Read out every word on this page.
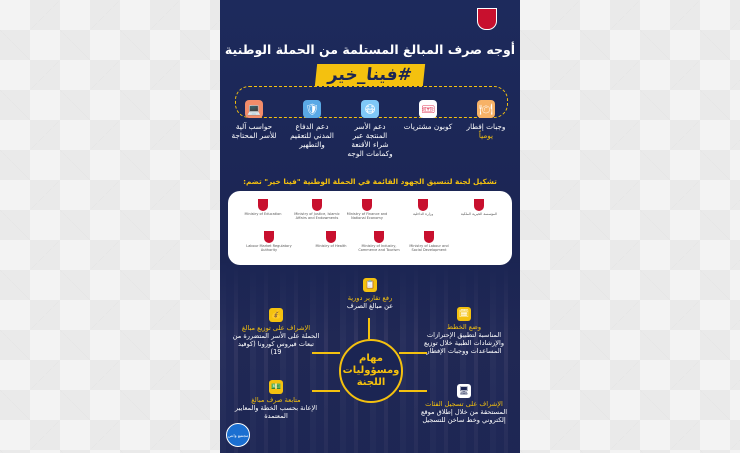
أوجه صرف المبالغ المستلمة من الحملة الوطنية
#فينا_خير
🍽
وجبات إفطار
يومياً
🎟
كوبون مشتريات
😷
دعم الأسر المنتجة عبر شراء الأقنعة وكمامات الوجه
🛡
دعم الدفاع المدني للتعقيم والتطهير
💻
حواسب آلية للأسر المحتاجة
تشكيل لجنة لتنسيق الجهود القائمة في الحملة الوطنية "فينا خير" تضم:
المؤسسة الخيرية الملكية
وزارة الداخلية
Ministry of Finance and National Economy
Ministry of Justice, Islamic Affairs and Endowments
Ministry of Education
Ministry of Labour and Social Development
Ministry of Industry, Commerce and Tourism
Ministry of Health
Labour Market Regulatory Authority
مهام ومسؤوليات اللجنة
📋
رفع تقارير دورية
عن مبالغ الصرف
🗓
وضع الخطط
المناسبة لتطبيق الإحترازات والإرشادات الطبية خلال توزيع المساعدات ووجبات الإفطار
🖥
الإشراف على تسجيل الفئات
المستحقة من خلال إطلاق موقع إلكتروني وخط ساخن للتسجيل
💰
الإشراف على توزيع مبالغ
الحملة على الأسر المتضررة من تبعات فيروس كورونا (كوفيد 19)
💵
متابعة صرف مبالغ
الإعانة بحسب الخطة والمعايير المعتمدة
مجتمع واعي
